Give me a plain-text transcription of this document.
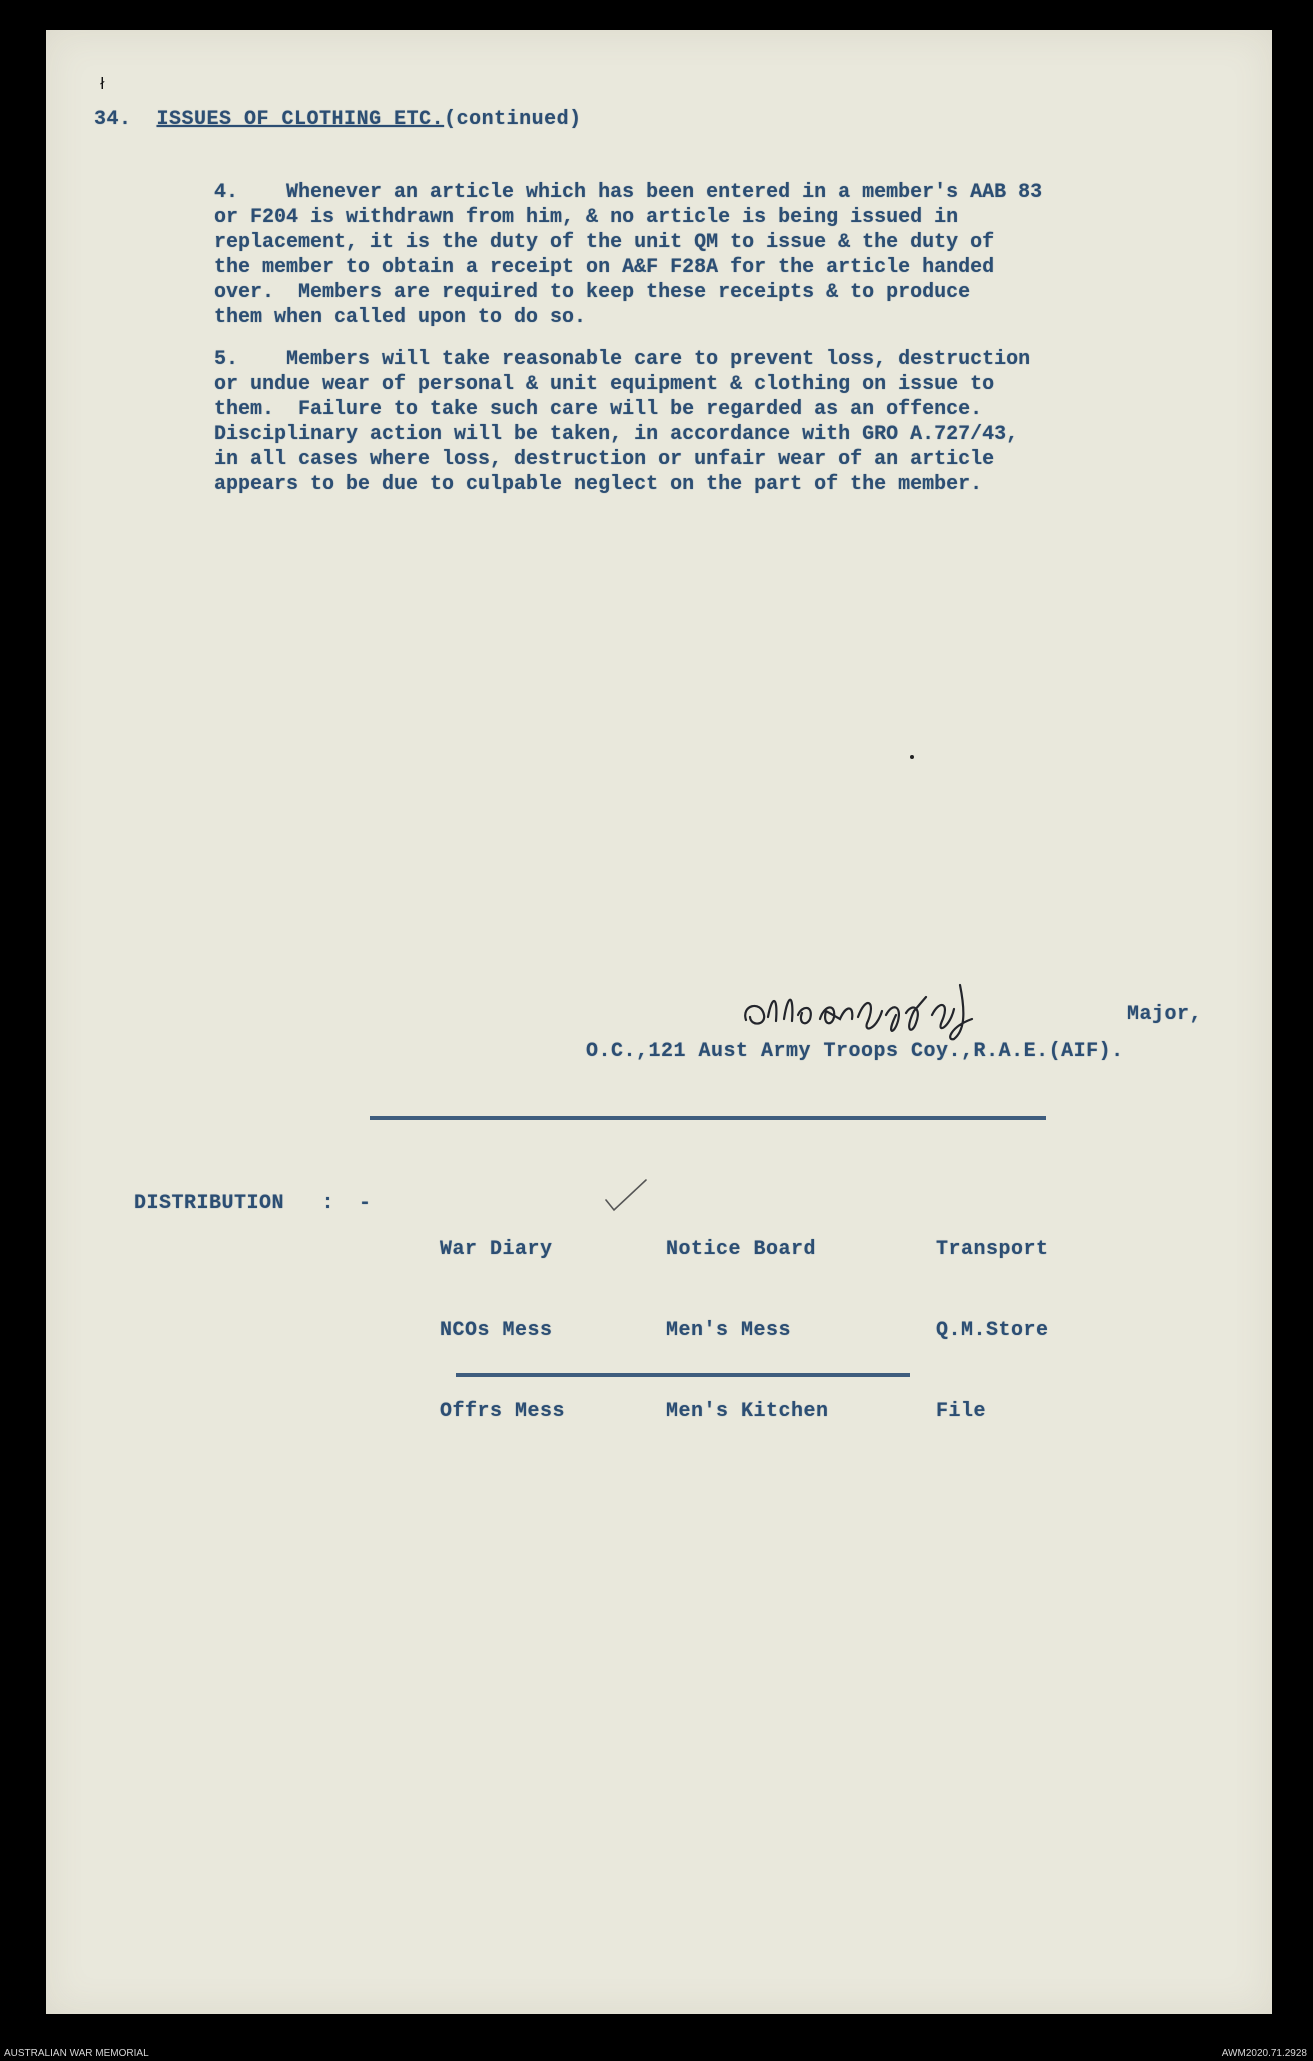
ł
34. ISSUES OF CLOTHING ETC.(continued)
4.    Whenever an article which has been entered in a member's AAB 83
or F204 is withdrawn from him, & no article is being issued in
replacement, it is the duty of the unit QM to issue & the duty of
the member to obtain a receipt on A&F F28A for the article handed
over.  Members are required to keep these receipts & to produce
them when called upon to do so.
5.    Members will take reasonable care to prevent loss, destruction
or undue wear of personal & unit equipment & clothing on issue to
them.  Failure to take such care will be regarded as an offence.
Disciplinary action will be taken, in accordance with GRO A.727/43,
in all cases where loss, destruction or unfair wear of an article
appears to be due to culpable neglect on the part of the member.
Major,
O.C.,121 Aust Army Troops Coy.,R.A.E.(AIF).
DISTRIBUTION   :  -

War Diary

NCOs Mess

Offrs Mess

Notice Board

Men's Mess

Men's Kitchen

Transport

Q.M.Store

File

AUSTRALIAN WAR MEMORIAL	AWM2020.71.2928
